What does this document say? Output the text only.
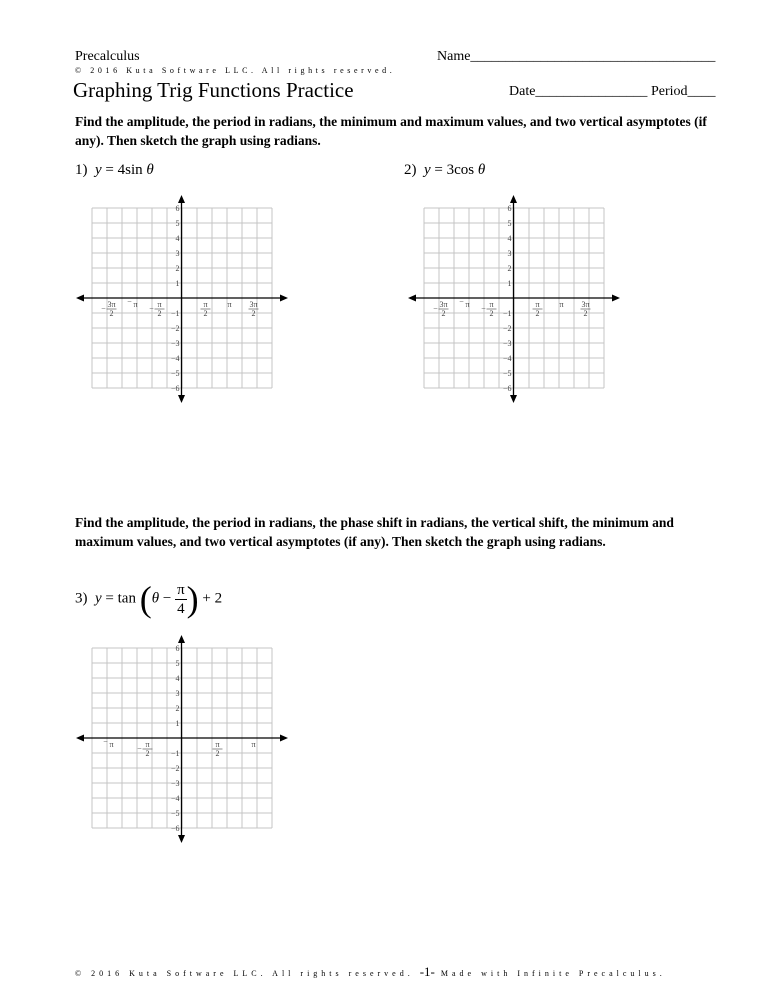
Precalculus	Name___________________________________
© 2016 Kuta Software LLC. All rights reserved.
Graphing Trig Functions Practice	Date________________ Period____
Find the amplitude, the period in radians, the minimum and maximum values, and two vertical asymptotes (if any). Then sketch the graph using radians.
1) y = 4sin θ	2) y = 3cos θ
6
5
4
3
2
1
−1
−2
−3
−4
−5
−6
− 3π
2
− π − π
2
π
2
π 3π
2
6
5
4
3
2
1
−1
−2
−3
−4
−5
−6
− 3π
2
− π − π
2
π
2
π 3π
2
Find the amplitude, the period in radians, the phase shift in radians, the vertical shift, the minimum and maximum values, and two vertical asymptotes (if any). Then sketch the graph using radians.
3) $y = \tan (\theta - \frac{\pi}{4}$ ) + 2
6
5
4
3
2
1
−1
−2
−3
−4
−5
−6
− π	− π
2
π
2
π
© 2016 Kuta Software LLC. All rights reserved. -1- Made with Infinite Precalculus.
